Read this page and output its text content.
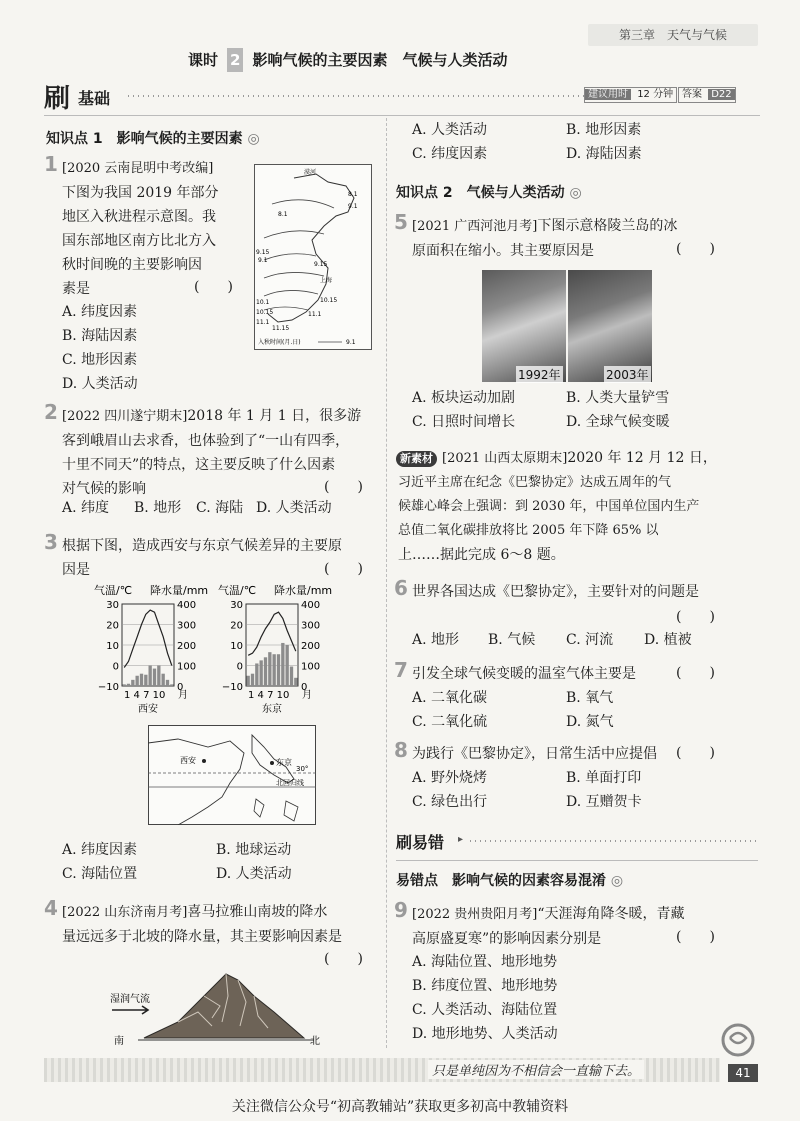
第三章　天气与气候
课时 2 影响气候的主要因素　气候与人类活动
刷 基础	建议用时 12 分钟 答案 D22
知识点 1　影响气候的主要因素 ◎
1 [2020 云南昆明中考改编]
下图为我国 2019 年部分
地区入秋进程示意图。我
国东部地区南方比北方入
秋时间晚的主要影响因
素是	(　　)
A. 纬度因素
B. 海陆因素
C. 地形因素
D. 人类活动
漠河
8.1
8.1
9.1
9.15
9.15
9.1
10.1
10.15
11.1
上海
10.15
11.1
11.15
入秋时间(月.日)	9.1
2 [2022 四川遂宁期末]2018 年 1 月 1 日，很多游
客到峨眉山去求香，也体验到了“一山有四季，
十里不同天”的特点，这主要反映了什么因素
对气候的影响	(　　)
A. 纬度 B. 地形 C. 海陆 D. 人类活动
3 根据下图，造成西安与东京气候差异的主要原
因是	(　　)
气温/℃ 降水量/mm 气温/℃ 降水量/mm
30
20
10
0
−10
400
300
200
100
0
1 4 7 10 月
西安
30
20
10
0
−10
400
300
200
100
0
1 4 7 10 月
东京
西安	东京
30°
北回归线
A. 纬度因素	B. 地球运动
C. 海陆位置	D. 人类活动
4 [2022 山东济南月考]喜马拉雅山南坡的降水
量远远多于北坡的降水量，其主要影响因素是
(　　)
湿润气流
南	北
A. 人类活动	B. 地形因素
C. 纬度因素	D. 海陆因素
知识点 2　气候与人类活动 ◎
5 [2021 广西河池月考]下图示意格陵兰岛的冰
原面积在缩小。其主要原因是	(　　)
1992年	2003年
A. 板块运动加剧	B. 人类大量铲雪
C. 日照时间增长	D. 全球气候变暖
新素材 [2021 山西太原期末]2020 年 12 月 12 日，
习近平主席在纪念《巴黎协定》达成五周年的气
候雄心峰会上强调：到 2030 年，中国单位国内生产
总值二氧化碳排放将比 2005 年下降 65% 以
上……据此完成 6～8 题。
6 世界各国达成《巴黎协定》，主要针对的问题是
(　　)
A. 地形 B. 气候 C. 河流 D. 植被
7 引发全球气候变暖的温室气体主要是	(　　)
A. 二氧化碳	B. 氧气
C. 二氧化硫	D. 氮气
8 为践行《巴黎协定》，日常生活中应提倡 (　　)
A. 野外烧烤	B. 单面打印
C. 绿色出行	D. 互赠贺卡
刷易错 ▸
易错点　影响气候的因素容易混淆 ◎
9 [2022 贵州贵阳月考]“天涯海角降冬暖，青藏
高原盛夏寒”的影响因素分别是	(　　)
A. 海陆位置、地形地势
B. 纬度位置、地形地势
C. 人类活动、海陆位置
D. 地形地势、人类活动
只是单纯因为不相信会一直输下去。	41
关注微信公众号“初高教辅站”获取更多初高中教辅资料
